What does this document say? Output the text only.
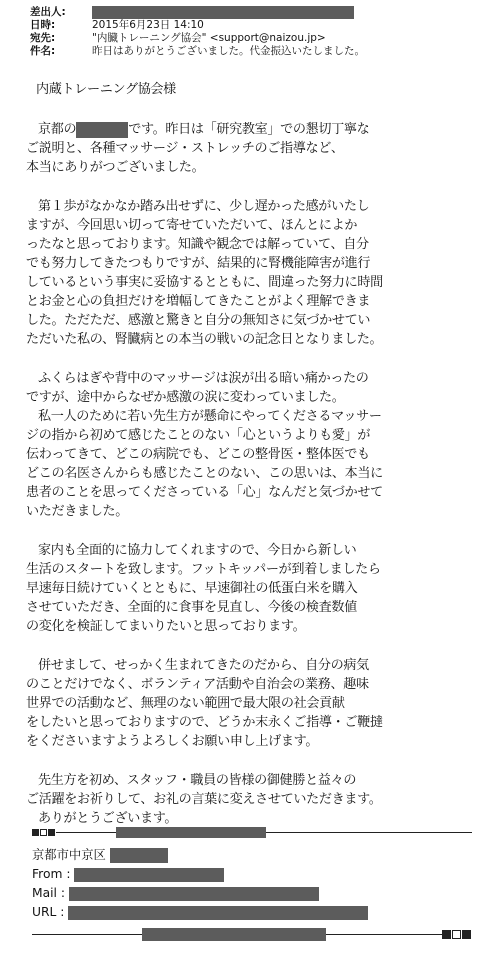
差出人:
日時:	2015年6月23日 14:10
宛先:	"内臓トレーニング協会" <support@naizou.jp>
件名:	昨日はありがとうございました。代金振込いたしました。

内蔵トレーニング協会様

京都の	です。昨日は「研究教室」での懇切丁寧な

ご説明と、各種マッサージ・ストレッチのご指導など、

本当にありがつございました。

第１歩がなかなか踏み出せずに、少し遅かった感がいたし

ますが、今回思い切って寄せていただいて、ほんとによか

ったなと思っております。知識や観念では解っていて、自分

でも努力してきたつもりですが、結果的に腎機能障害が進行

しているという事実に妥協するとともに、間違った努力に時間

とお金と心の負担だけを増幅してきたことがよく理解できま

した。ただただ、感激と驚きと自分の無知さに気づかせてい

ただいた私の、腎臓病との本当の戦いの記念日となりました。

ふくらはぎや背中のマッサージは涙が出る暗い痛かったの

ですが、途中からなぜか感激の涙に変わっていました。

私一人のために若い先生方が懸命にやってくださるマッサー

ジの指から初めて感じたことのない「心というよりも愛」が

伝わってきて、どこの病院でも、どこの整骨医・整体医でも

どこの名医さんからも感じたことのない、この思いは、本当に

患者のことを思ってくださっている「心」なんだと気づかせて

いただきました。

家内も全面的に協力してくれますので、今日から新しい

生活のスタートを致します。フットキッパーが到着しましたら

早速毎日続けていくとともに、早速御社の低蛋白米を購入

させていただき、全面的に食事を見直し、今後の検査数値

の変化を検証してまいりたいと思っております。

併せまして、せっかく生まれてきたのだから、自分の病気

のことだけでなく、ボランティア活動や自治会の業務、趣味

世界での活動など、無理のない範囲で最大限の社会貢献

をしたいと思っておりますので、どうか末永くご指導・ご鞭撻

をくださいますようよろしくお願い申し上げます。

先生方を初め、スタッフ・職員の皆様の御健勝と益々の

ご活躍をお祈りして、お礼の言葉に変えさせていただきます。

ありがとうございます。

京都市中京区
From :
Mail :
URL :
